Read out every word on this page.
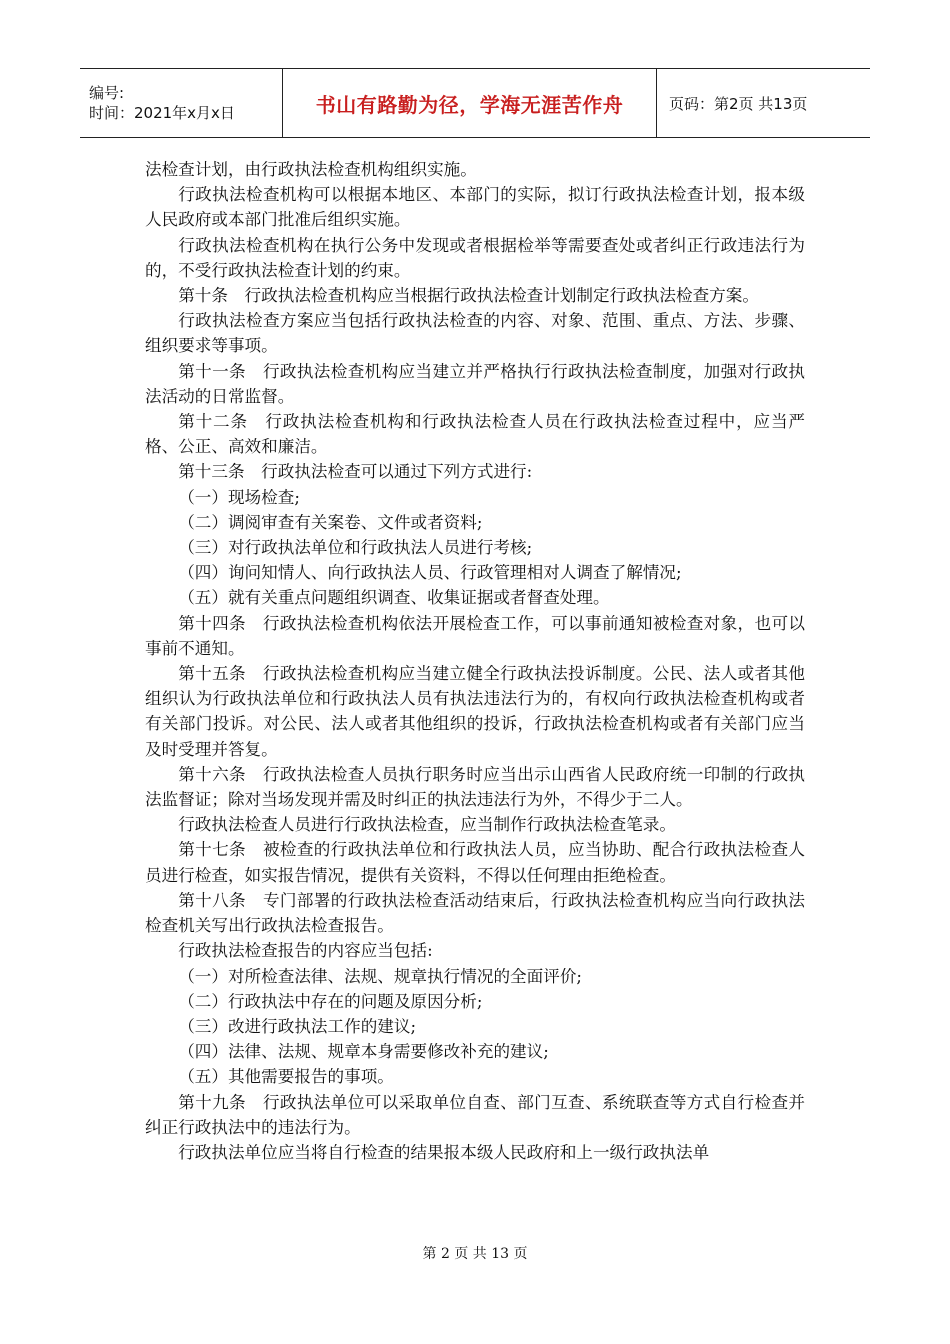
编号:
时间：2021年x月x日	书山有路勤为径，学海无涯苦作舟	页码：第2页 共13页

法检查计划，由行政执法检查机构组织实施。

行政执法检查机构可以根据本地区、本部门的实际，拟订行政执法检查计划，报本级人民政府或本部门批准后组织实施。

行政执法检查机构在执行公务中发现或者根据检举等需要查处或者纠正行政违法行为的，不受行政执法检查计划的约束。

第十条　行政执法检查机构应当根据行政执法检查计划制定行政执法检查方案。

行政执法检查方案应当包括行政执法检查的内容、对象、范围、重点、方法、步骤、组织要求等事项。

第十一条　行政执法检查机构应当建立并严格执行行政执法检查制度，加强对行政执法活动的日常监督。

第十二条　行政执法检查机构和行政执法检查人员在行政执法检查过程中，应当严格、公正、高效和廉洁。

第十三条　行政执法检查可以通过下列方式进行:

（一）现场检查;

（二）调阅审查有关案卷、文件或者资料;

（三）对行政执法单位和行政执法人员进行考核;

（四）询问知情人、向行政执法人员、行政管理相对人调查了解情况;

（五）就有关重点问题组织调查、收集证据或者督查处理。

第十四条　行政执法检查机构依法开展检查工作，可以事前通知被检查对象，也可以事前不通知。

第十五条　行政执法检查机构应当建立健全行政执法投诉制度。公民、法人或者其他组织认为行政执法单位和行政执法人员有执法违法行为的，有权向行政执法检查机构或者有关部门投诉。对公民、法人或者其他组织的投诉，行政执法检查机构或者有关部门应当及时受理并答复。

第十六条　行政执法检查人员执行职务时应当出示山西省人民政府统一印制的行政执法监督证；除对当场发现并需及时纠正的执法违法行为外，不得少于二人。

行政执法检查人员进行行政执法检查，应当制作行政执法检查笔录。

第十七条　被检查的行政执法单位和行政执法人员，应当协助、配合行政执法检查人员进行检查，如实报告情况，提供有关资料，不得以任何理由拒绝检查。

第十八条　专门部署的行政执法检查活动结束后，行政执法检查机构应当向行政执法检查机关写出行政执法检查报告。

行政执法检查报告的内容应当包括:

（一）对所检查法律、法规、规章执行情况的全面评价;

（二）行政执法中存在的问题及原因分析;

（三）改进行政执法工作的建议;

（四）法律、法规、规章本身需要修改补充的建议;

（五）其他需要报告的事项。

第十九条　行政执法单位可以采取单位自查、部门互查、系统联查等方式自行检查并纠正行政执法中的违法行为。

行政执法单位应当将自行检查的结果报本级人民政府和上一级行政执法单

第 2 页 共 13 页
